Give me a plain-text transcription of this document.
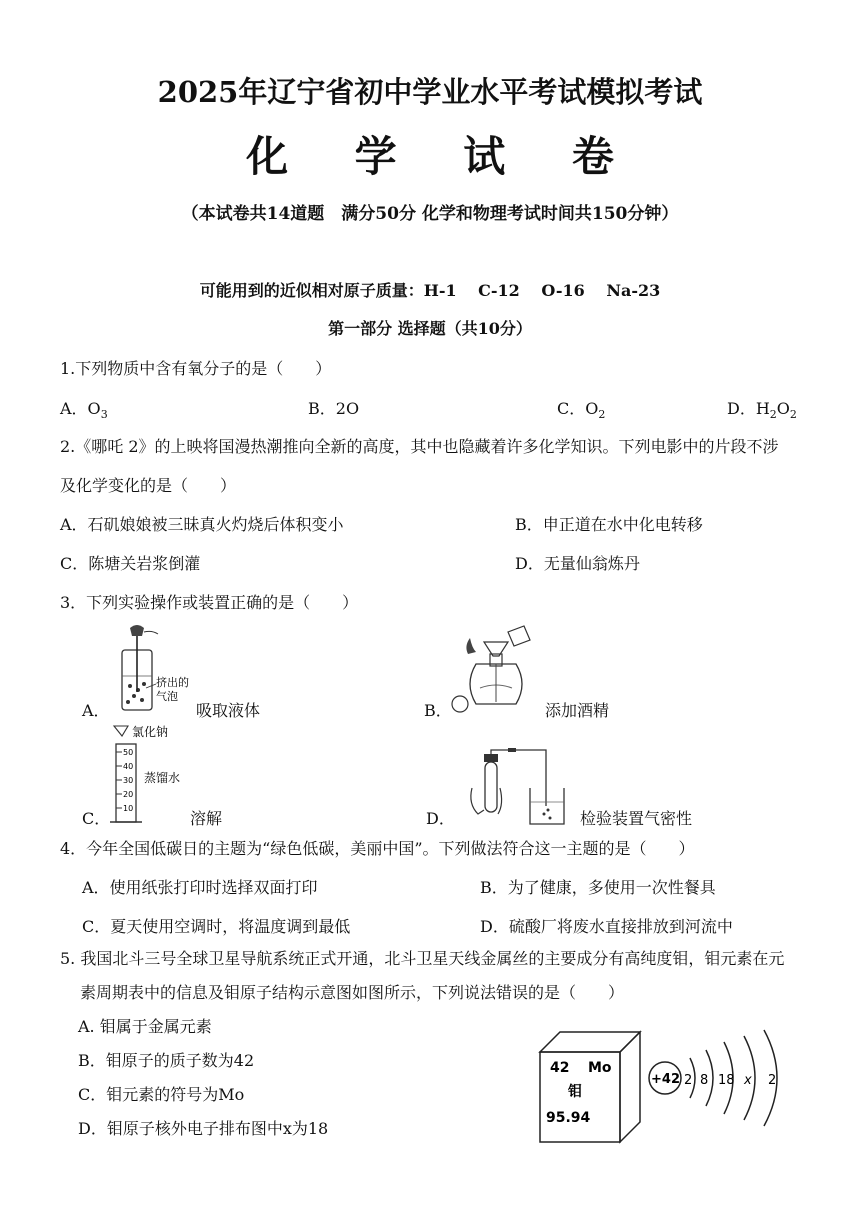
2025年辽宁省初中学业水平考试模拟考试
化 学 试 卷
（本试卷共14道题　满分50分 化学和物理考试时间共150分钟）
可能用到的近似相对原子质量：H-1　 C-12　 O-16　 Na-23
第一部分 选择题（共10分）
1.下列物质中含有氧分子的是（　　）
A．$O_3$	B．2O	C．$O_2$	D．$H_2O_2$
2.《哪吒 2》的上映将国漫热潮推向全新的高度，其中也隐藏着许多化学知识。下列电影中的片段不涉
及化学变化的是（　　）
A．石矶娘娘被三昧真火灼烧后体积变小	B．申正道在水中化电转移
C．陈塘关岩浆倒灌	D．无量仙翁炼丹
3．下列实验操作或装置正确的是（　　）
A．
挤出的
气泡
吸取液体	B．	添加酒精
C．
氯化钠
50
40
30
20
10
蒸馏水
溶解	D．	检验装置气密性
4．今年全国低碳日的主题为“绿色低碳，美丽中国”。下列做法符合这一主题的是（　　）
A．使用纸张打印时选择双面打印	B．为了健康，多使用一次性餐具
C．夏天使用空调时，将温度调到最低	D．硫酸厂将废水直接排放到河流中
5. 我国北斗三号全球卫星导航系统正式开通，北斗卫星天线金属丝的主要成分有高纯度钼，钼元素在元
素周期表中的信息及钼原子结构示意图如图所示，下列说法错误的是（　　）
A. 钼属于金属元素
B．钼原子的质子数为42
C．钼元素的符号为Mo
D．钼原子核外电子排布图中x为18
42 Mo
钼
95.94
+42 2 8 18 x 2
